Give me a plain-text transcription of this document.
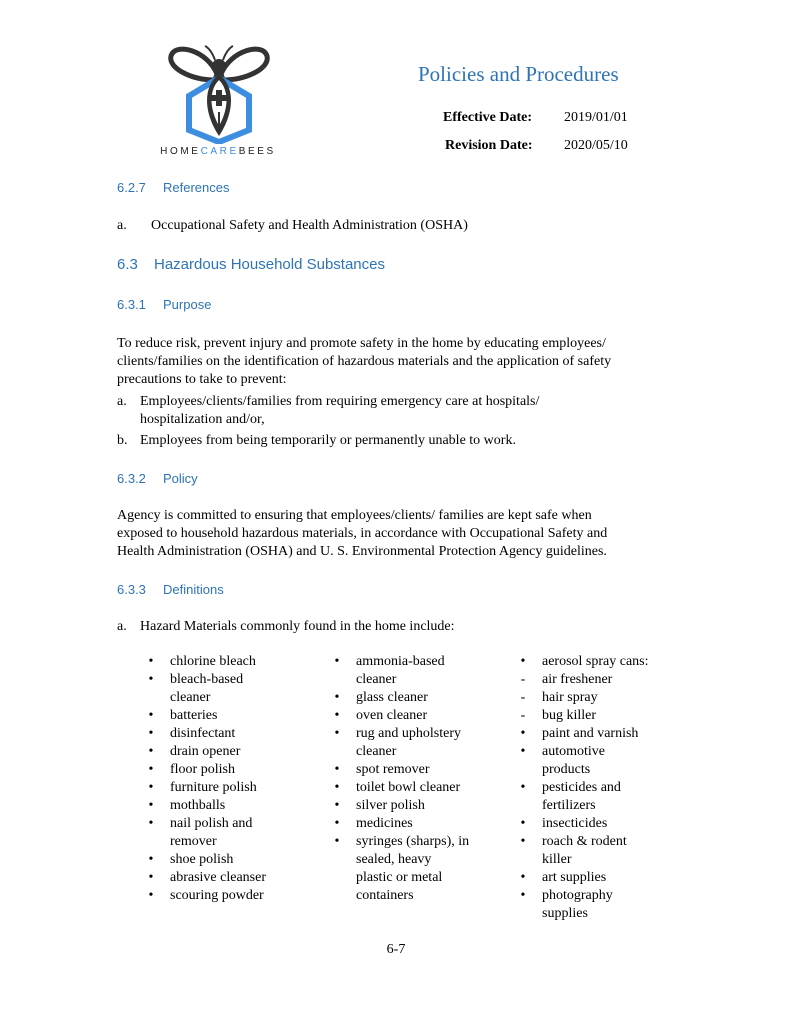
HOMECAREBEES
Policies and Procedures
Effective Date: 2019/01/01
Revision Date: 2020/05/10
6.2.7 References
a.	Occupational Safety and Health Administration (OSHA)
6.3 Hazardous Household Substances
6.3.1 Purpose
To reduce risk, prevent injury and promote safety in the home by educating employees/
clients/families on the identification of hazardous materials and the application of safety
precautions to take to prevent:
a. Employees/clients/families from requiring emergency care at hospitals/
hospitalization and/or,
b. Employees from being temporarily or permanently unable to work.
6.3.2 Policy
Agency is committed to ensuring that employees/clients/ families are kept safe when
exposed to household hazardous materials, in accordance with Occupational Safety and
Health Administration (OSHA) and U. S. Environmental Protection Agency guidelines.
6.3.3 Definitions
a. Hazard Materials commonly found in the home include:
• chlorine bleach
• bleach-based
cleaner
• batteries
• disinfectant
• drain opener
• floor polish
• furniture polish
• mothballs
• nail polish and
remover
• shoe polish
• abrasive cleanser
• scouring powder
• ammonia-based
cleaner
• glass cleaner
• oven cleaner
• rug and upholstery
cleaner
• spot remover
• toilet bowl cleaner
• silver polish
• medicines
• syringes (sharps), in
sealed, heavy
plastic or metal
containers
• aerosol spray cans:
- air freshener
- hair spray
- bug killer
• paint and varnish
• automotive
products
• pesticides and
fertilizers
• insecticides
• roach & rodent
killer
• art supplies
• photography
supplies
6-7
